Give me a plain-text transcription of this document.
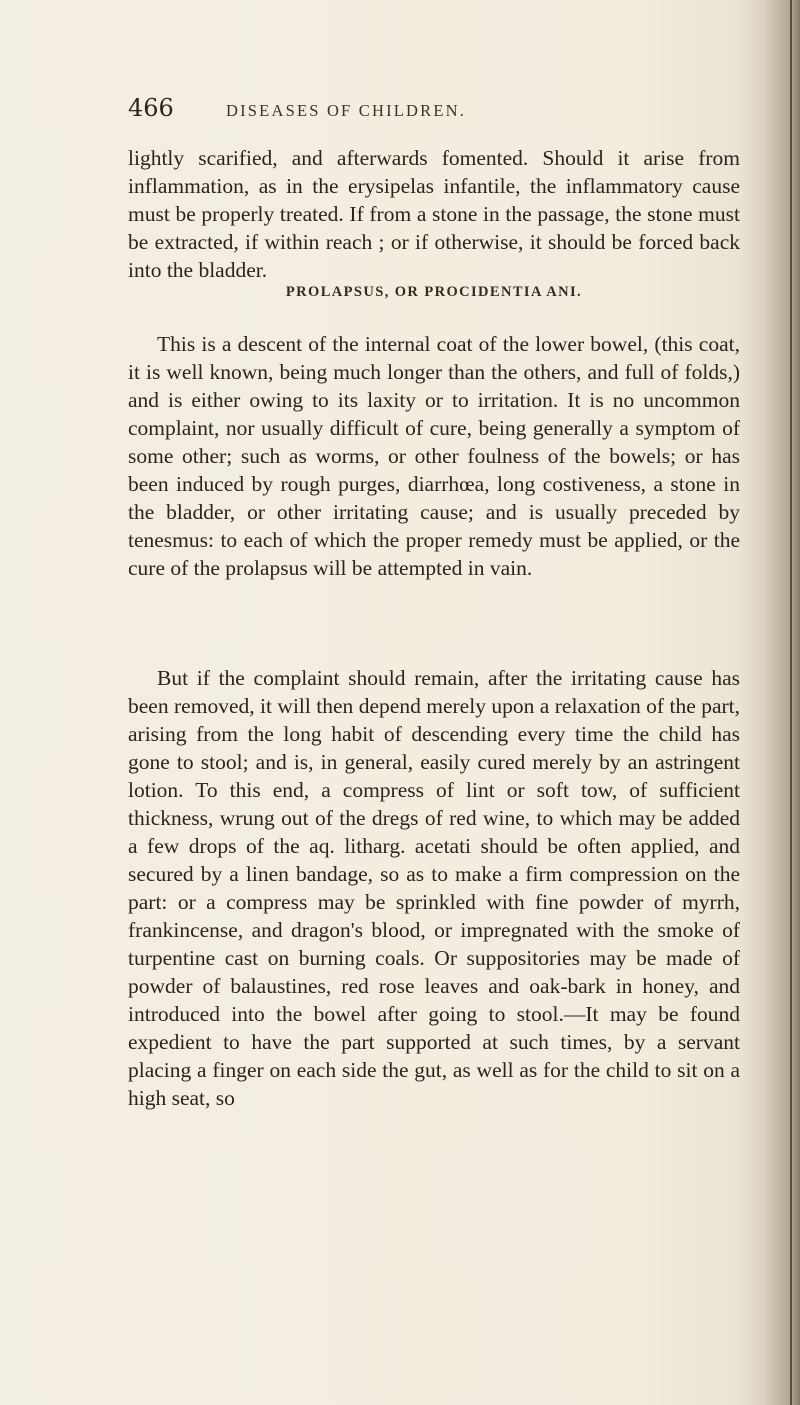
466	DISEASES OF CHILDREN.

lightly scarified, and afterwards fomented. Should it arise from inflammation, as in the erysipelas infantile, the inflammatory cause must be properly treated. If from a stone in the passage, the stone must be extracted, if within reach ; or if otherwise, it should be forced back into the bladder.

PROLAPSUS, OR PROCIDENTIA ANI.

This is a descent of the internal coat of the lower bowel, (this coat, it is well known, being much longer than the others, and full of folds,) and is either owing to its laxity or to irritation. It is no uncommon complaint, nor usually difficult of cure, being generally a symptom of some other; such as worms, or other foulness of the bowels; or has been induced by rough purges, diarrhœa, long costiveness, a stone in the bladder, or other irritating cause; and is usually preceded by tenesmus: to each of which the proper remedy must be applied, or the cure of the prolapsus will be attempted in vain.

But if the complaint should remain, after the irritating cause has been removed, it will then depend merely upon a relaxation of the part, arising from the long habit of descending every time the child has gone to stool; and is, in general, easily cured merely by an astringent lotion. To this end, a compress of lint or soft tow, of sufficient thickness, wrung out of the dregs of red wine, to which may be added a few drops of the aq. litharg. acetati should be often applied, and secured by a linen bandage, so as to make a firm compression on the part: or a compress may be sprinkled with fine powder of myrrh, frankincense, and dragon's blood, or impregnated with the smoke of turpentine cast on burning coals. Or suppositories may be made of powder of balaustines, red rose leaves and oak-bark in honey, and introduced into the bowel after going to stool.—It may be found expedient to have the part supported at such times, by a servant placing a finger on each side the gut, as well as for the child to sit on a high seat, so
